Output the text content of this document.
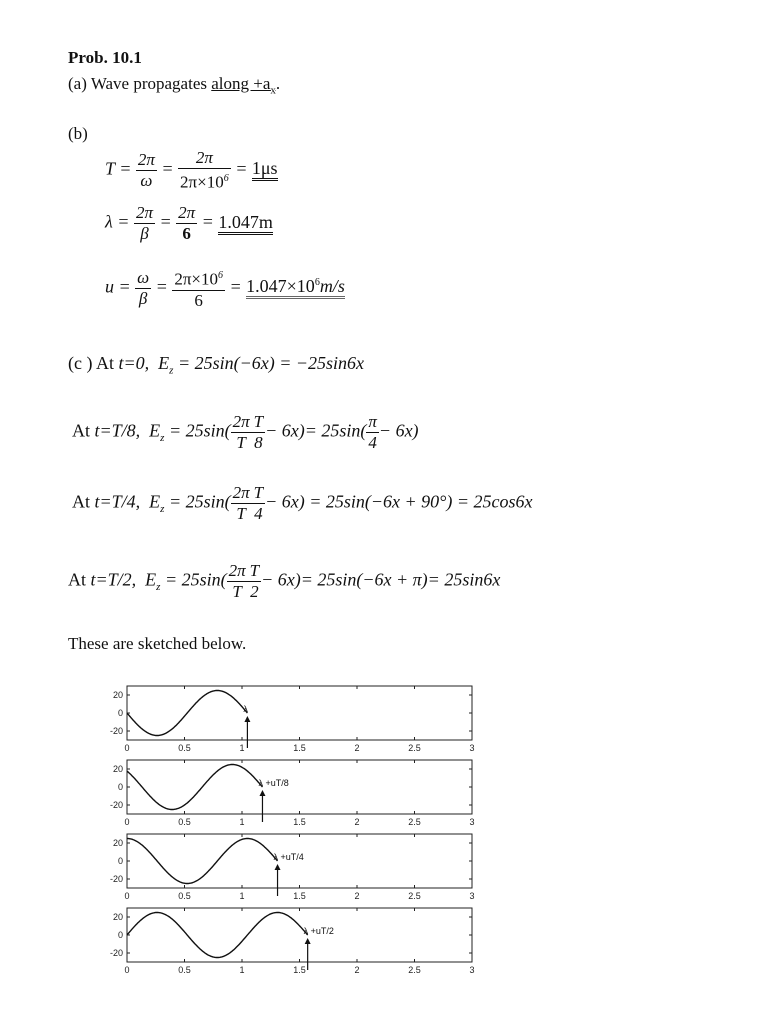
Prob. 10.1
(a) Wave propagates along $+a_x$.
(b)
$T = \frac{2\pi}{\omega} = \frac{2\pi}{2\pi\times 10^6} = 1\mu s$
$\lambda = \frac{2\pi}{\beta} = \frac{2\pi}{6} = 1.047m$
$u = \frac{\omega}{\beta} = \frac{2\pi\times 10^6}{6} = 1.047\times 10^6m/s$
(c ) At t=0, $E_z = 25\sin(-6x) = -25\sin 6x$
At t=T/8, $E_z = 25\sin( \frac{2\pi}{T} \frac{T}{8} - 6x)= 25\sin( \frac{\pi}{4} - 6x)$
At t=T/4, $E_z = 25\sin( \frac{2\pi}{T} \frac{T}{4} - 6x) = 25\sin(-6x + 90^\circ) = 25\cos 6x$
At t=T/2, $E_z = 25\sin( \frac{2\pi}{T} \frac{T}{2} - 6x)= 25\sin(-6x + \pi)= 25\sin 6x$
These are sketched below.
0	0.5	1	1.5	2	2.5	3
20
0
-20
λ
0	0.5	1	1.5	2	2.5	3
20
0
-20
λ +uT/8
0	0.5	1	1.5	2	2.5	3
20
0
-20
λ +uT/4
0	0.5	1	1.5	2	2.5	3
20
0
-20
λ +uT/2
